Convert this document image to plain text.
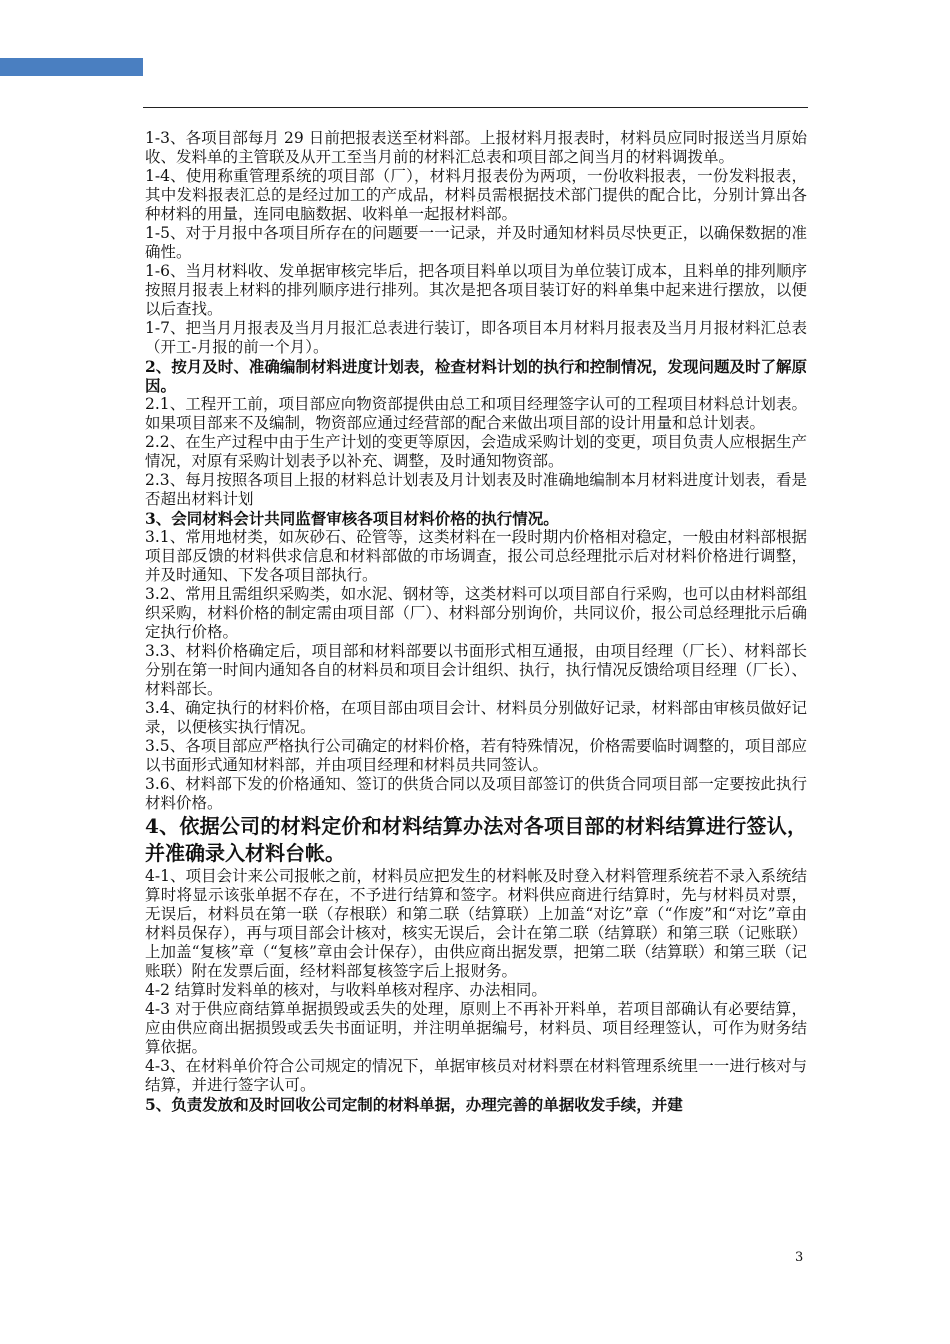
1-3、各项目部每月 29 日前把报表送至材料部。上报材料月报表时，材料员应同时报送当月原始收、发料单的主管联及从开工至当月前的材料汇总表和项目部之间当月的材料调拨单。

1-4、使用称重管理系统的项目部（厂），材料月报表份为两项，一份收料报表，一份发料报表，其中发料报表汇总的是经过加工的产成品，材料员需根据技术部门提供的配合比，分别计算出各种材料的用量，连同电脑数据、收料单一起报材料部。

1-5、对于月报中各项目所存在的问题要一一记录，并及时通知材料员尽快更正，以确保数据的准确性。

1-6、当月材料收、发单据审核完毕后，把各项目料单以项目为单位装订成本，且料单的排列顺序按照月报表上材料的排列顺序进行排列。其次是把各项目装订好的料单集中起来进行摆放，以便以后查找。

1-7、把当月月报表及当月月报汇总表进行装订，即各项目本月材料月报表及当月月报材料汇总表（开工-月报的前一个月）。

2、按月及时、准确编制材料进度计划表，检查材料计划的执行和控制情况，发现问题及时了解原因。

2.1、工程开工前，项目部应向物资部提供由总工和项目经理签字认可的工程项目材料总计划表。如果项目部来不及编制，物资部应通过经营部的配合来做出项目部的设计用量和总计划表。

2.2、在生产过程中由于生产计划的变更等原因，会造成采购计划的变更，项目负责人应根据生产情况，对原有采购计划表予以补充、调整，及时通知物资部。

2.3、每月按照各项目上报的材料总计划表及月计划表及时准确地编制本月材料进度计划表，看是否超出材料计划

3、会同材料会计共同监督审核各项目材料价格的执行情况。

3.1、常用地材类，如灰砂石、砼管等，这类材料在一段时期内价格相对稳定，一般由材料部根据项目部反馈的材料供求信息和材料部做的市场调查，报公司总经理批示后对材料价格进行调整，并及时通知、下发各项目部执行。

3.2、常用且需组织采购类，如水泥、钢材等，这类材料可以项目部自行采购，也可以由材料部组织采购，材料价格的制定需由项目部（厂）、材料部分别询价，共同议价，报公司总经理批示后确定执行价格。

3.3、材料价格确定后，项目部和材料部要以书面形式相互通报，由项目经理（厂长）、材料部长分别在第一时间内通知各自的材料员和项目会计组织、执行，执行情况反馈给项目经理（厂长）、材料部长。

3.4、确定执行的材料价格，在项目部由项目会计、材料员分别做好记录，材料部由审核员做好记录，以便核实执行情况。

3.5、各项目部应严格执行公司确定的材料价格，若有特殊情况，价格需要临时调整的，项目部应以书面形式通知材料部，并由项目经理和材料员共同签认。

3.6、材料部下发的价格通知、签订的供货合同以及项目部签订的供货合同项目部一定要按此执行材料价格。

4、依据公司的材料定价和材料结算办法对各项目部的材料结算进行签认，并准确录入材料台帐。

4-1、项目会计来公司报帐之前，材料员应把发生的材料帐及时登入材料管理系统若不录入系统结算时将显示该张单据不存在，不予进行结算和签字。材料供应商进行结算时，先与材料员对票，无误后，材料员在第一联（存根联）和第二联（结算联）上加盖“对讫”章（“作废”和“对讫”章由材料员保存），再与项目部会计核对，核实无误后，会计在第二联（结算联）和第三联（记账联）上加盖“复核”章（“复核”章由会计保存），由供应商出据发票，把第二联（结算联）和第三联（记账联）附在发票后面，经材料部复核签字后上报财务。

4-2 结算时发料单的核对，与收料单核对程序、办法相同。

4-3 对于供应商结算单据损毁或丢失的处理，原则上不再补开料单，若项目部确认有必要结算，应由供应商出据损毁或丢失书面证明，并注明单据编号，材料员、项目经理签认，可作为财务结算依据。

4-3、在材料单价符合公司规定的情况下，单据审核员对材料票在材料管理系统里一一进行核对与结算，并进行签字认可。

5、负责发放和及时回收公司定制的材料单据，办理完善的单据收发手续，并建

3
